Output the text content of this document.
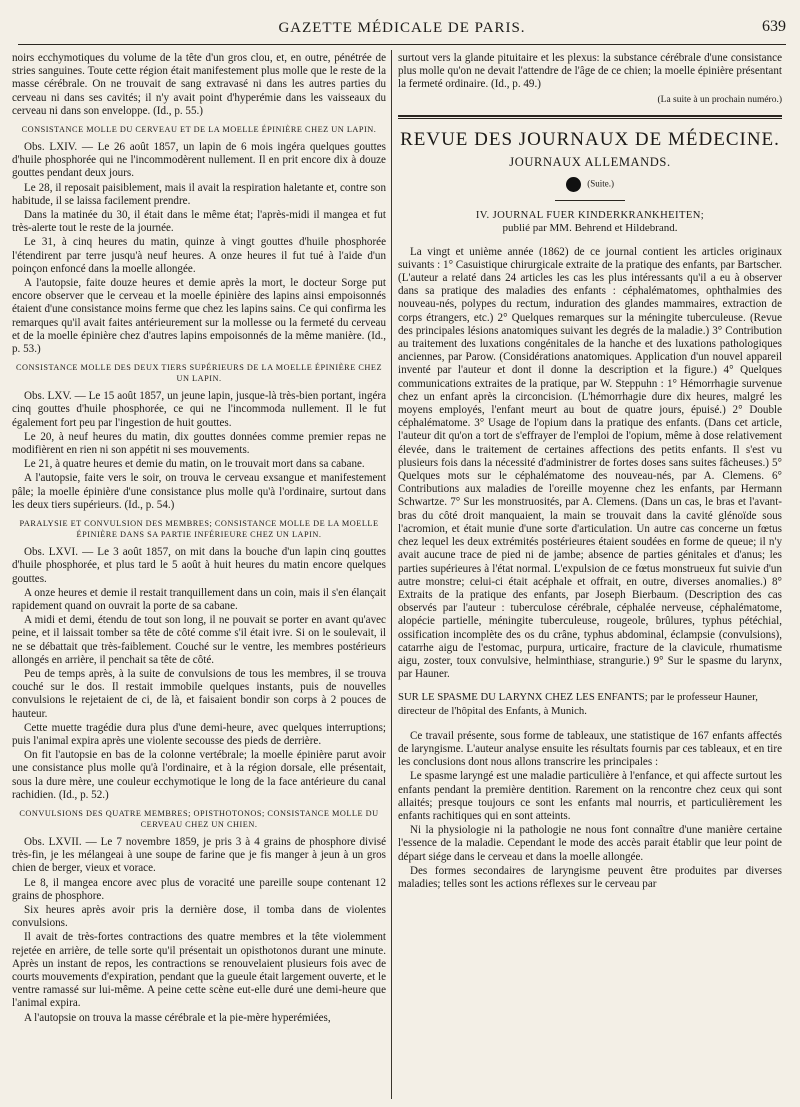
GAZETTE MÉDICALE DE PARIS.	639

noirs ecchymotiques du volume de la tête d'un gros clou, et, en outre, pénétrée de stries sanguines. Toute cette région était manifestement plus molle que le reste de la masse cérébrale. On ne trouvait de sang extravasé ni dans les autres parties du cerveau ni dans ses cavités; il n'y avait point d'hyperémie dans les vaisseaux du cerveau ni dans son enveloppe. (Id., p. 55.)

CONSISTANCE MOLLE DU CERVEAU ET DE LA MOELLE ÉPINIÈRE CHEZ UN LAPIN.

Obs. LXIV. — Le 26 août 1857, un lapin de 6 mois ingéra quelques gouttes d'huile phosphorée qui ne l'incommodèrent nullement. Il en prit encore dix à douze gouttes pendant deux jours.

Le 28, il reposait paisiblement, mais il avait la respiration haletante et, contre son habitude, il se laissa facilement prendre.

Dans la matinée du 30, il était dans le même état; l'après-midi il mangea et fut très-alerte tout le reste de la journée.

Le 31, à cinq heures du matin, quinze à vingt gouttes d'huile phosphorée l'étendirent par terre jusqu'à neuf heures. A onze heures il fut tué à l'aide d'un poinçon enfoncé dans la moelle allongée.

A l'autopsie, faite douze heures et demie après la mort, le docteur Sorge put encore observer que le cerveau et la moelle épinière des lapins ainsi empoisonnés étaient d'une consistance moins ferme que chez les lapins sains. Ce qui confirma les remarques qu'il avait faites antérieurement sur la mollesse ou la fermeté du cerveau et de la moelle épinière chez d'autres lapins empoisonnés de la même manière. (Id., p. 53.)

CONSISTANCE MOLLE DES DEUX TIERS SUPÉRIEURS DE LA MOELLE ÉPINIÈRE CHEZ UN LAPIN.

Obs. LXV. — Le 15 août 1857, un jeune lapin, jusque-là très-bien portant, ingéra cinq gouttes d'huile phosphorée, ce qui ne l'incommoda nullement. Il le fut également fort peu par l'ingestion de huit gouttes.

Le 20, à neuf heures du matin, dix gouttes données comme premier repas ne modifièrent en rien ni son appétit ni ses mouvements.

Le 21, à quatre heures et demie du matin, on le trouvait mort dans sa cabane.

A l'autopsie, faite vers le soir, on trouva le cerveau exsangue et manifestement pâle; la moelle épinière d'une consistance plus molle qu'à l'ordinaire, surtout dans les deux tiers supérieurs. (Id., p. 54.)

PARALYSIE ET CONVULSION DES MEMBRES; CONSISTANCE MOLLE DE LA MOELLE ÉPINIÈRE DANS SA PARTIE INFÉRIEURE CHEZ UN LAPIN.

Obs. LXVI. — Le 3 août 1857, on mit dans la bouche d'un lapin cinq gouttes d'huile phosphorée, et plus tard le 5 août à huit heures du matin encore quelques gouttes.

A onze heures et demie il restait tranquillement dans un coin, mais il s'en élançait rapidement quand on ouvrait la porte de sa cabane.

A midi et demi, étendu de tout son long, il ne pouvait se porter en avant qu'avec peine, et il laissait tomber sa tête de côté comme s'il était ivre. Si on le soulevait, il ne se débattait que très-faiblement. Couché sur le ventre, les membres postérieurs allongés en arrière, il penchait sa tête de côté.

Peu de temps après, à la suite de convulsions de tous les membres, il se trouva couché sur le dos. Il restait immobile quelques instants, puis de nouvelles convulsions le rejetaient de ci, de là, et faisaient bondir son corps à 2 pouces de hauteur.

Cette muette tragédie dura plus d'une demi-heure, avec quelques interruptions; puis l'animal expira après une violente secousse des pieds de derrière.

On fit l'autopsie en bas de la colonne vertébrale; la moelle épinière parut avoir une consistance plus molle qu'à l'ordinaire, et à la région dorsale, elle présentait, sous la dure mère, une couleur ecchymotique le long de la face antérieure du canal rachidien. (Id., p. 52.)

CONVULSIONS DES QUATRE MEMBRES; OPISTHOTONOS; CONSISTANCE MOLLE DU CERVEAU CHEZ UN CHIEN.

Obs. LXVII. — Le 7 novembre 1859, je pris 3 à 4 grains de phosphore divisé très-fin, je les mélangeai à une soupe de farine que je fis manger à jeun à un gros chien de berger, vieux et vorace.

Le 8, il mangea encore avec plus de voracité une pareille soupe contenant 12 grains de phosphore.

Six heures après avoir pris la dernière dose, il tomba dans de violentes convulsions.

Il avait de très-fortes contractions des quatre membres et la tête violemment rejetée en arrière, de telle sorte qu'il présentait un opisthotonos durant une minute. Après un instant de repos, les contractions se renouvelaient plusieurs fois avec de courts mouvements d'expiration, pendant que la gueule était largement ouverte, et le ventre ramassé sur lui-même. A peine cette scène eut-elle duré une demi-heure que l'animal expira.

A l'autopsie on trouva la masse cérébrale et la pie-mère hyperémiées,

surtout vers la glande pituitaire et les plexus: la substance cérébrale d'une consistance plus molle qu'on ne devait l'attendre de l'âge de ce chien; la moelle épinière présentant la fermeté ordinaire. (Id., p. 49.)

(La suite à un prochain numéro.)
REVUE DES JOURNAUX DE MÉDECINE.
JOURNAUX ALLEMANDS.
(Suite.)
IV. JOURNAL FUER KINDERKRANKHEITEN;
publié par MM. Behrend et Hildebrand.

La vingt et unième année (1862) de ce journal contient les articles originaux suivants : 1° Casuistique chirurgicale extraite de la pratique des enfants, par Bartscher. (L'auteur a relaté dans 24 articles les cas les plus intéressants qu'il a eu à observer dans sa pratique des maladies des enfants : céphalématomes, ophthalmies des nouveau-nés, polypes du rectum, induration des glandes mammaires, extraction de corps étrangers, etc.) 2° Quelques remarques sur la méningite tuberculeuse. (Revue des principales lésions anatomiques suivant les degrés de la maladie.) 3° Contribution au traitement des luxations congénitales de la hanche et des luxations pathologiques anciennes, par Parow. (Considérations anatomiques. Application d'un nouvel appareil inventé par l'auteur et dont il donne la description et la figure.) 4° Quelques communications extraites de la pratique, par W. Steppuhn : 1° Hémorrhagie survenue chez un enfant après la circoncision. (L'hémorrhagie dure dix heures, malgré les moyens employés, l'enfant meurt au bout de quatre jours, épuisé.) 2° Double céphalématome. 3° Usage de l'opium dans la pratique des enfants. (Dans cet article, l'auteur dit qu'on a tort de s'effrayer de l'emploi de l'opium, même à dose relativement élevée, dans le traitement de certaines affections des petits enfants. Il s'est vu plusieurs fois dans la nécessité d'administrer de fortes doses sans suites fâcheuses.) 5° Quelques mots sur le céphalématome des nouveau-nés, par A. Clemens. 6° Contributions aux maladies de l'oreille moyenne chez les enfants, par Hermann Schwartze. 7° Sur les monstruosités, par A. Clemens. (Dans un cas, le bras et l'avant-bras du côté droit manquaient, la main se trouvait dans la cavité glénoïde sous l'acromion, et était munie d'une sorte d'articulation. Un autre cas concerne un fœtus chez lequel les deux extrémités postérieures étaient soudées en forme de queue; il n'y avait aucune trace de pied ni de jambe; absence de parties génitales et d'anus; les parties supérieures à l'état normal. L'expulsion de ce fœtus monstrueux fut suivie d'un autre monstre; celui-ci était acéphale et offrait, en outre, diverses anomalies.) 8° Extraits de la pratique des enfants, par Joseph Bierbaum. (Description des cas observés par l'auteur : tuberculose cérébrale, céphalée nerveuse, céphalématome, alopécie partielle, méningite tuberculeuse, rougeole, brûlures, typhus pétéchial, ossification incomplète des os du crâne, typhus abdominal, éclampsie (convulsions), catarrhe aigu de l'estomac, purpura, urticaire, fracture de la clavicule, rhumatisme aigu, zoster, toux convulsive, helminthiase, strangurie.) 9° Sur le spasme du larynx, par Hauner.

SUR LE SPASME DU LARYNX CHEZ LES ENFANTS; par le professeur Hauner, directeur de l'hôpital des Enfants, à Munich.

Ce travail présente, sous forme de tableaux, une statistique de 167 enfants affectés de laryngisme. L'auteur analyse ensuite les résultats fournis par ces tableaux, et en tire les conclusions dont nous allons transcrire les principales :

Le spasme laryngé est une maladie particulière à l'enfance, et qui affecte surtout les enfants pendant la première dentition. Rarement on la rencontre chez ceux qui sont allaités; presque toujours ce sont les enfants mal nourris, et particulièrement les enfants rachitiques qui en sont atteints.

Ni la physiologie ni la pathologie ne nous font connaître d'une manière certaine l'essence de la maladie. Cependant le mode des accès parait établir que leur point de départ siége dans le cerveau et dans la moelle allongée.

Des formes secondaires de laryngisme peuvent être produites par diverses maladies; telles sont les actions réflexes sur le cerveau par
